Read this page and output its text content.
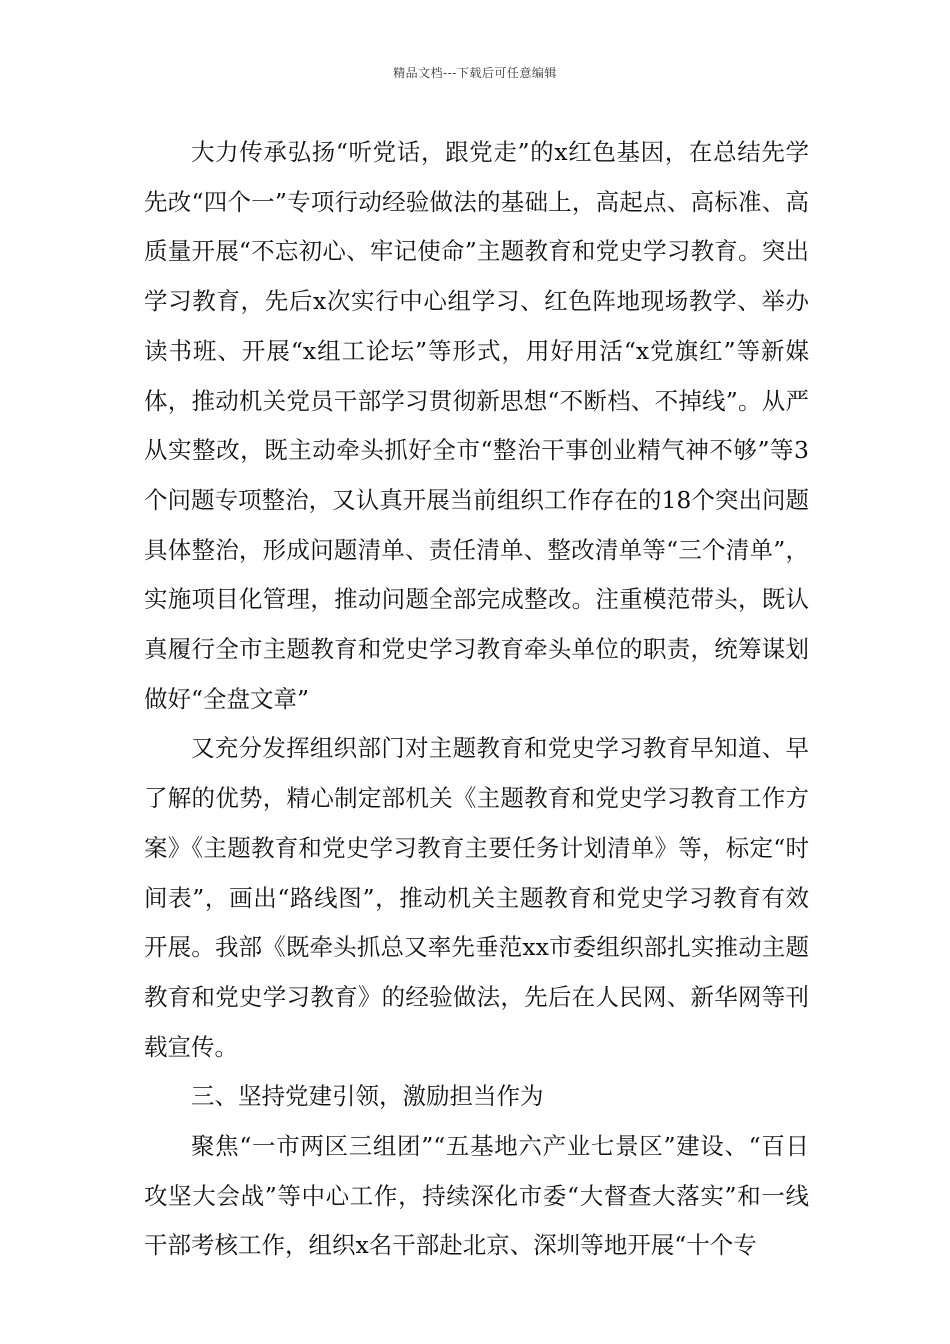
精品文档---下载后可任意编辑

大力传承弘扬“听党话，跟党走”的x红色基因，在总结先学先改“四个一”专项行动经验做法的基础上，高起点、高标准、高质量开展“不忘初心、牢记使命”主题教育和党史学习教育。突出学习教育，先后x次实行中心组学习、红色阵地现场教学、举办读书班、开展“x组工论坛”等形式，用好用活“x党旗红”等新媒体，推动机关党员干部学习贯彻新思想“不断档、不掉线”。从严从实整改，既主动牵头抓好全市“整治干事创业精气神不够”等3个问题专项整治，又认真开展当前组织工作存在的18个突出问题具体整治，形成问题清单、责任清单、整改清单等“三个清单”，实施项目化管理，推动问题全部完成整改。注重模范带头，既认真履行全市主题教育和党史学习教育牵头单位的职责，统筹谋划做好“全盘文章”

又充分发挥组织部门对主题教育和党史学习教育早知道、早了解的优势，精心制定部机关《主题教育和党史学习教育工作方案》《主题教育和党史学习教育主要任务计划清单》等，标定“时间表”，画出“路线图”，推动机关主题教育和党史学习教育有效开展。我部《既牵头抓总又率先垂范xx市委组织部扎实推动主题教育和党史学习教育》的经验做法，先后在人民网、新华网等刊载宣传。

三、坚持党建引领，激励担当作为

聚焦“一市两区三组团”“五基地六产业七景区”建设、“百日攻坚大会战”等中心工作，持续深化市委“大督查大落实”和一线干部考核工作，组织x名干部赴北京、深圳等地开展“十个专
